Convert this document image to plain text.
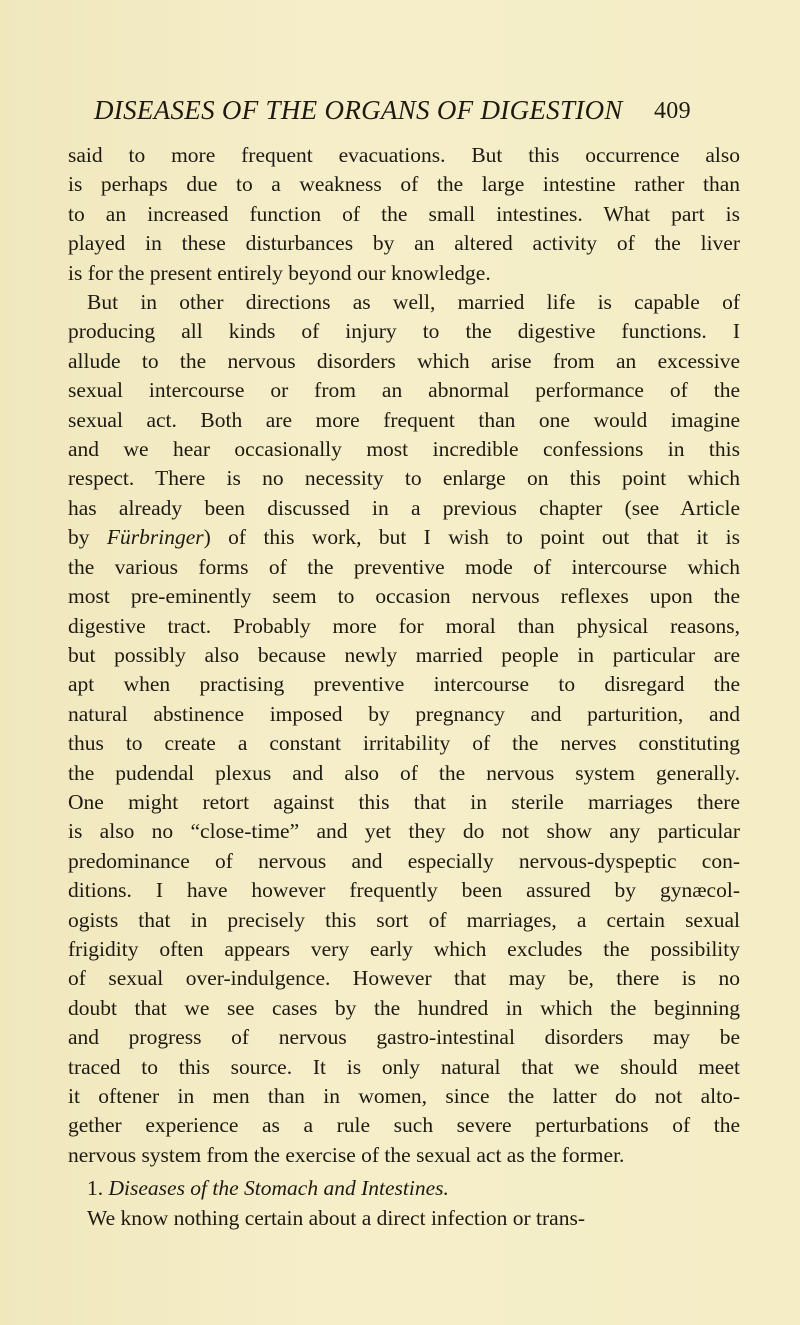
DISEASES OF THE ORGANS OF DIGESTION 409

said to more frequent evacuations. But this occurrence also

is perhaps due to a weakness of the large intestine rather than

to an increased function of the small intestines. What part is

played in these disturbances by an altered activity of the liver

is for the present entirely beyond our knowledge.

But in other directions as well, married life is capable of

producing all kinds of injury to the digestive functions. I

allude to the nervous disorders which arise from an excessive

sexual intercourse or from an abnormal performance of the

sexual act. Both are more frequent than one would imagine

and we hear occasionally most incredible confessions in this

respect. There is no necessity to enlarge on this point which

has already been discussed in a previous chapter (see Article

by Fürbringer) of this work, but I wish to point out that it is

the various forms of the preventive mode of intercourse which

most pre-eminently seem to occasion nervous reflexes upon the

digestive tract. Probably more for moral than physical reasons,

but possibly also because newly married people in particular are

apt when practising preventive intercourse to disregard the

natural abstinence imposed by pregnancy and parturition, and

thus to create a constant irritability of the nerves constituting

the pudendal plexus and also of the nervous system generally.

One might retort against this that in sterile marriages there

is also no “close-time” and yet they do not show any particular

predominance of nervous and especially nervous-dyspeptic con-

ditions. I have however frequently been assured by gynæcol-

ogists that in precisely this sort of marriages, a certain sexual

frigidity often appears very early which excludes the possibility

of sexual over-indulgence. However that may be, there is no

doubt that we see cases by the hundred in which the beginning

and progress of nervous gastro-intestinal disorders may be

traced to this source. It is only natural that we should meet

it oftener in men than in women, since the latter do not alto-

gether experience as a rule such severe perturbations of the

nervous system from the exercise of the sexual act as the former.

1. Diseases of the Stomach and Intestines.

We know nothing certain about a direct infection or trans-
